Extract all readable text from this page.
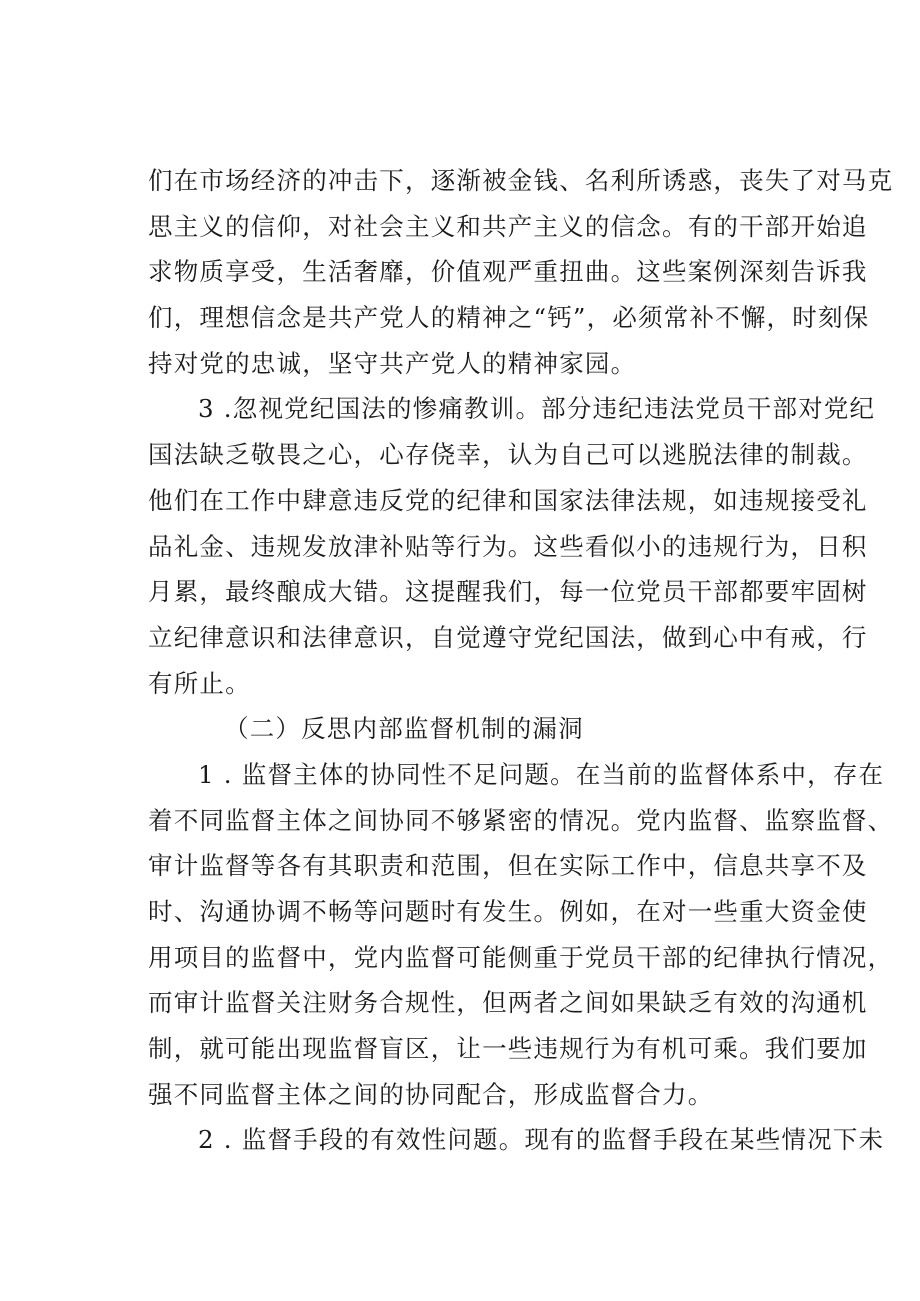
们在市场经济的冲击下，逐渐被金钱、名利所诱惑，丧失了对马克
思主义的信仰，对社会主义和共产主义的信念。有的干部开始追
求物质享受，生活奢靡，价值观严重扭曲。这些案例深刻告诉我
们，理想信念是共产党人的精神之“钙”，必须常补不懈，时刻保
持对党的忠诚，坚守共产党人的精神家园。
3 .忽视党纪国法的惨痛教训。部分违纪违法党员干部对党纪
国法缺乏敬畏之心，心存侥幸，认为自己可以逃脱法律的制裁。
他们在工作中肆意违反党的纪律和国家法律法规，如违规接受礼
品礼金、违规发放津补贴等行为。这些看似小的违规行为，日积
月累，最终酿成大错。这提醒我们，每一位党员干部都要牢固树
立纪律意识和法律意识，自觉遵守党纪国法，做到心中有戒，行
有所止。
（二）反思内部监督机制的漏洞
1 . 监督主体的协同性不足问题。在当前的监督体系中，存在
着不同监督主体之间协同不够紧密的情况。党内监督、监察监督、
审计监督等各有其职责和范围，但在实际工作中，信息共享不及
时、沟通协调不畅等问题时有发生。例如，在对一些重大资金使
用项目的监督中，党内监督可能侧重于党员干部的纪律执行情况，
而审计监督关注财务合规性，但两者之间如果缺乏有效的沟通机
制，就可能出现监督盲区，让一些违规行为有机可乘。我们要加
强不同监督主体之间的协同配合，形成监督合力。
2 . 监督手段的有效性问题。现有的监督手段在某些情况下未
